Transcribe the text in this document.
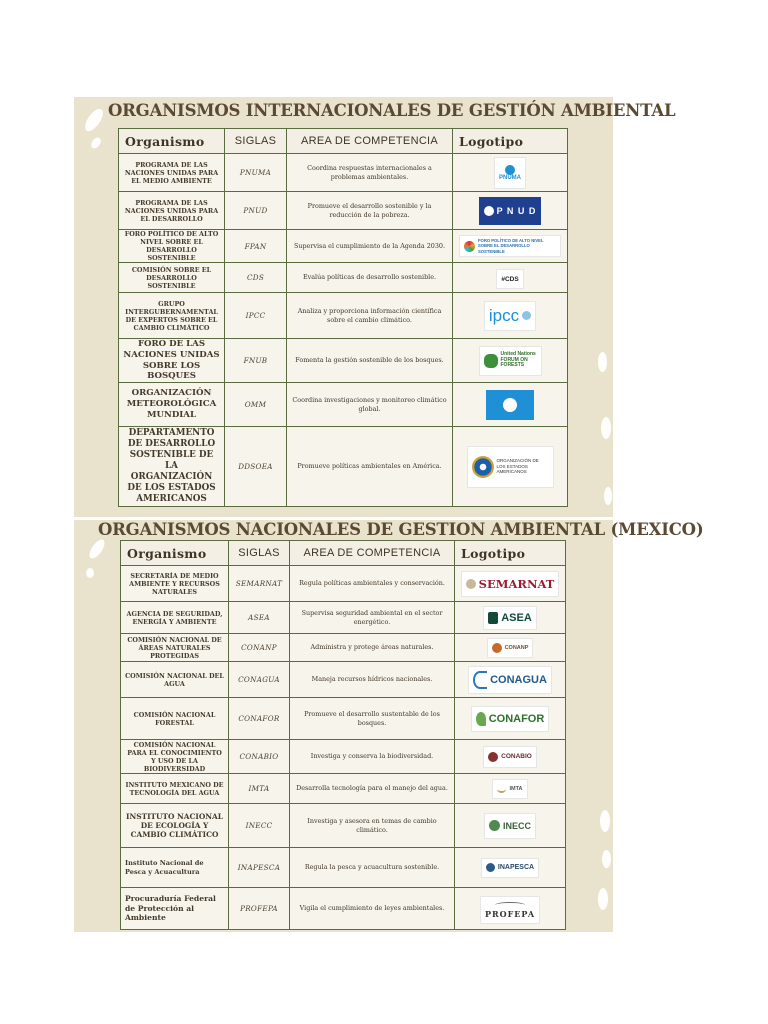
ORGANISMOS INTERNACIONALES DE GESTIÓN AMBIENTAL
Organismo	SIGLAS	AREA DE COMPETENCIA	Logotipo
PROGRAMA DE LAS NACIONES UNIDAS PARA EL MEDIO AMBIENTE	PNUMA	Coordina respuestas internacionales a problemas ambientales.	PNUMA

PROGRAMA DE LAS NACIONES UNIDAS PARA EL DESARROLLO	PNUD	Promueve el desarrollo sostenible y la reducción de la pobreza.	P N U D

FORO POLÍTICO DE ALTO NIVEL SOBRE EL DESARROLLO SOSTENIBLE	FPAN	Supervisa el cumplimiento de la Agenda 2030.	FORO POLÍTICO DE ALTO NIVEL SOBRE EL DESARROLLO SOSTENIBLE

COMISIÓN SOBRE EL DESARROLLO SOSTENIBLE	CDS	Evalúa políticas de desarrollo sostenible.	#CDS

GRUPO INTERGUBERNAMENTAL DE EXPERTOS SOBRE EL CAMBIO CLIMÁTICO	IPCC	Analiza y proporciona información científica sobre el cambio climático.	ipcc

FORO DE LAS NACIONES UNIDAS SOBRE LOS BOSQUES	FNUB	Fomenta la gestión sostenible de los bosques.	United Nations FORUM ON FORESTS

ORGANIZACIÓN METEOROLÓGICA MUNDIAL	OMM	Coordina investigaciones y monitoreo climático global.	

DEPARTAMENTO DE DESARROLLO SOSTENIBLE DE LA ORGANIZACIÓN DE LOS ESTADOS AMERICANOS	DDSOEA	Promueve políticas ambientales en América.	ORGANIZACIÓN DE LOS ESTADOS AMERICANOS
ORGANISMOS NACIONALES DE GESTION AMBIENTAL (MEXICO)
Organismo	SIGLAS	AREA DE COMPETENCIA	Logotipo
SECRETARÍA DE MEDIO AMBIENTE Y RECURSOS NATURALES	SEMARNAT	Regula políticas ambientales y conservación.	SEMARNAT

AGENCIA DE SEGURIDAD, ENERGÍA Y AMBIENTE	ASEA	Supervisa seguridad ambiental en el sector energético.	ASEA

COMISIÓN NACIONAL DE ÁREAS NATURALES PROTEGIDAS	CONANP	Administra y protege áreas naturales.	CONANP

COMISIÓN NACIONAL DEL AGUA	CONAGUA	Maneja recursos hídricos nacionales.	CONAGUA

COMISIÓN NACIONAL FORESTAL	CONAFOR	Promueve el desarrollo sustentable de los bosques.	CONAFOR

COMISIÓN NACIONAL PARA EL CONOCIMIENTO Y USO DE LA BIODIVERSIDAD	CONABIO	Investiga y conserva la biodiversidad.	CONABIO

INSTITUTO MEXICANO DE TECNOLOGÍA DEL AGUA	IMTA	Desarrolla tecnología para el manejo del agua.	IMTA

INSTITUTO NACIONAL DE ECOLOGÍA Y CAMBIO CLIMÁTICO	INECC	Investiga y asesora en temas de cambio climático.	INECC

Instituto Nacional de Pesca y Acuacultura	INAPESCA	Regula la pesca y acuacultura sostenible.	INAPESCA

Procuraduría Federal de Protección al Ambiente	PROFEPA	Vigila el cumplimiento de leyes ambientales.	PROFEPA
